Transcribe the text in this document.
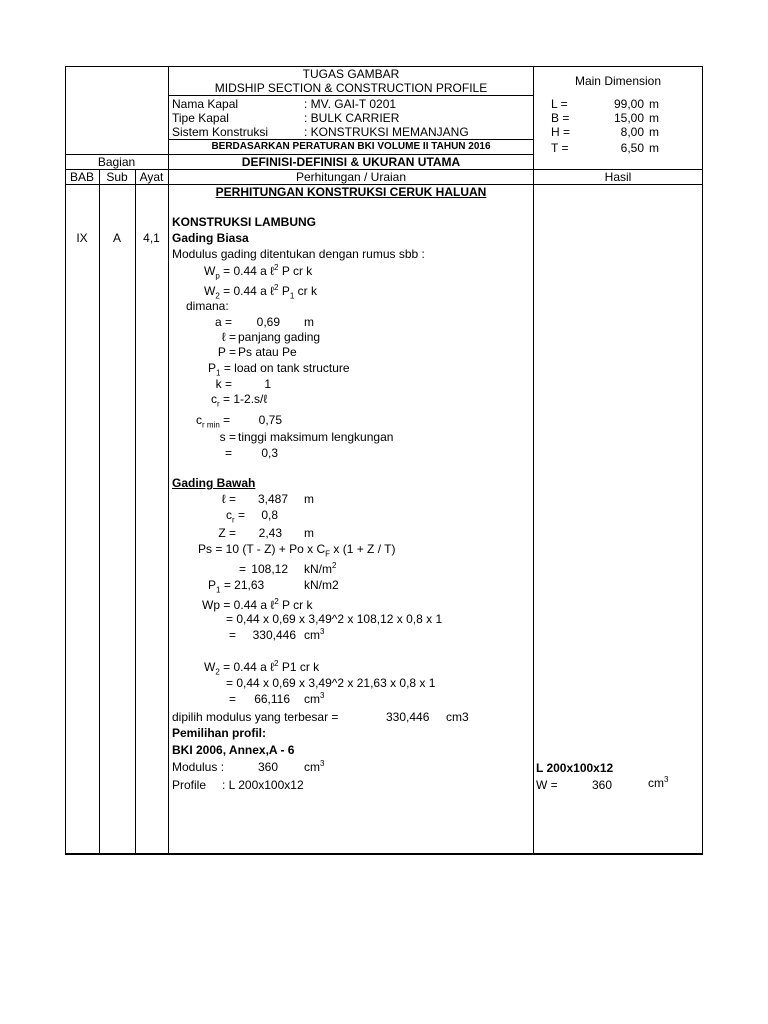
TUGAS GAMBAR
MIDSHIP SECTION & CONSTRUCTION PROFILE	Main Dimension
Nama Kapal	: MV. GAI-T 0201
Tipe Kapal	: BULK CARRIER
Sistem Konstruksi	: KONSTRUKSI MEMANJANG
BERDASARKAN PERATURAN BKI VOLUME II TAHUN 2016
L =	99,00 m
B =	15,00 m
H =	8,00 m
T =	6,50 m
Bagian	DEFINISI-DEFINISI & UKURAN UTAMA
BAB	Sub Ayat	Perhitungan / Uraian	Hasil
PERHITUNGAN KONSTRUKSI CERUK HALUAN
KONSTRUKSI LAMBUNG
IX	A	4,1	Gading Biasa
Modulus gading ditentukan dengan rumus sbb :
$W_p = 0.44$ a ℓ$^2$ P cr k
$W_2 = 0.44$ a ℓ$^2$ $P_1$ cr k
dimana:
a =	0,69 m
ℓ = panjang gading
P = Ps atau Pe
$P_1$ = load on tank structure
k =	1
$c_r$ = 1-2.s/ℓ
$c_{r min}$ =	0,75
s = tinggi maksimum lengkungan
=	0,3
Gading Bawah
ℓ =	3,487 m
$c_r$ =	0,8
Z =	2,43 m
Ps = 10 (T - Z) + Po x $C_F$ x (1 + Z / T)
= 108,12 $kN/m^2$
$P_1 = 21,63$	kN/m2
Wp = 0.44 a ℓ$^2$ P cr k
= 0,44 x 0,69 x 3,49^2 x 108,12 x 0,8 x 1
=	330,446 $cm^3$
$W_2 = 0.44$ a ℓ$^2$ P1 cr k
= 0,44 x 0,69 x 3,49^2 x 21,63 x 0,8 x 1
=	66,116 $cm^3$
dipilih modulus yang terbesar =	330,446 cm3
Pemilihan profil:
BKI 2006, Annex,A - 6
Modulus :	360 $cm^3$
Profile : L 200x100x12
L 200x100x12
W =	360	$cm^3$
